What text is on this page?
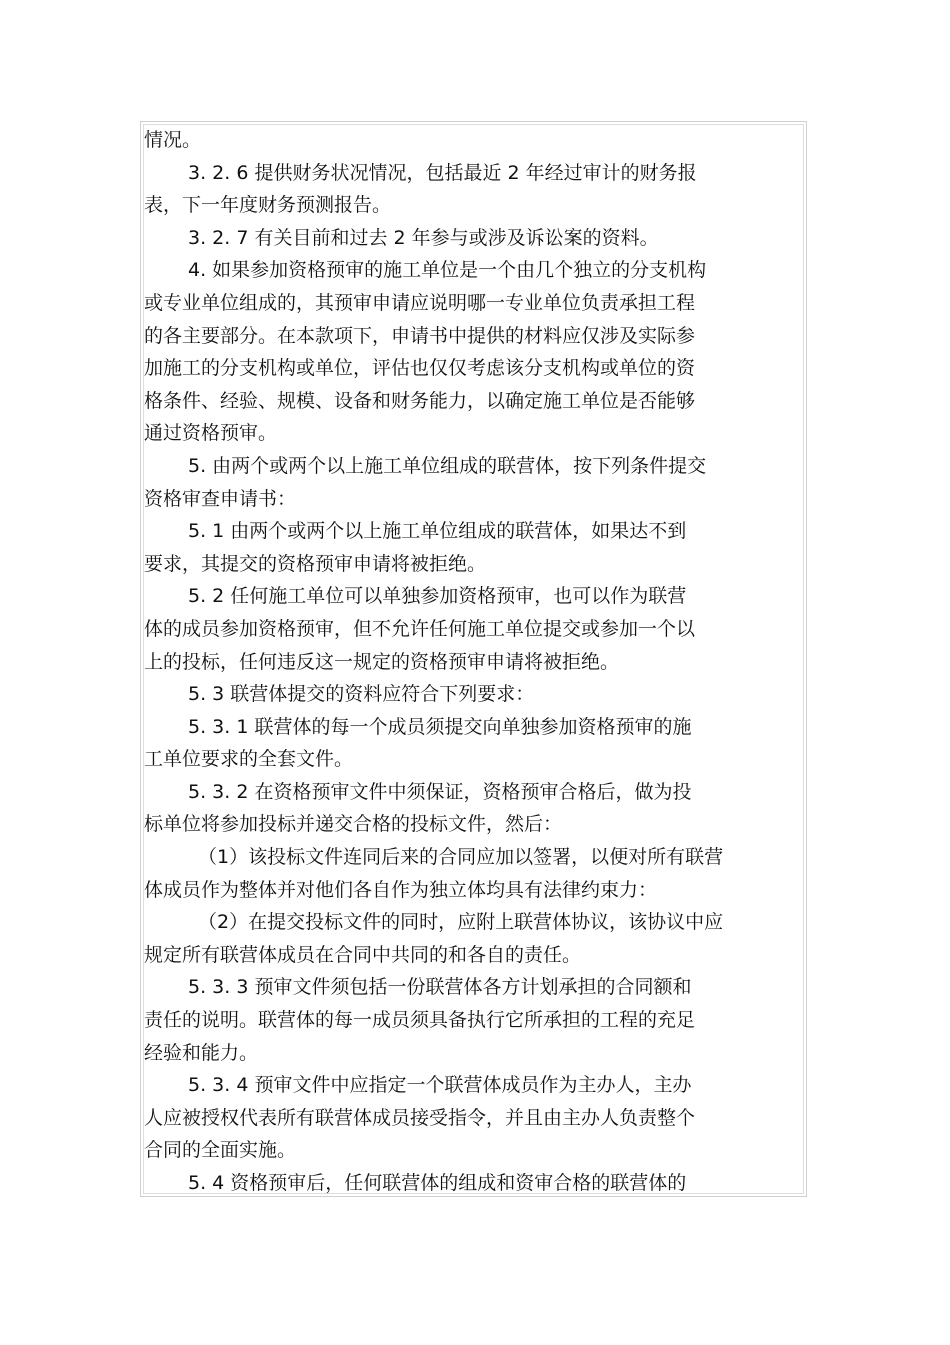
情况。
3. 2. 6 提供财务状况情况，包括最近 2 年经过审计的财务报
表，下一年度财务预测报告。
3. 2. 7 有关目前和过去 2 年参与或涉及诉讼案的资料。
4. 如果参加资格预审的施工单位是一个由几个独立的分支机构
或专业单位组成的，其预审申请应说明哪一专业单位负责承担工程
的各主要部分。在本款项下，申请书中提供的材料应仅涉及实际参
加施工的分支机构或单位，评估也仅仅考虑该分支机构或单位的资
格条件、经验、规模、设备和财务能力，以确定施工单位是否能够
通过资格预审。
5. 由两个或两个以上施工单位组成的联营体，按下列条件提交
资格审查申请书：
5. 1 由两个或两个以上施工单位组成的联营体，如果达不到
要求，其提交的资格预审申请将被拒绝。
5. 2 任何施工单位可以单独参加资格预审，也可以作为联营
体的成员参加资格预审，但不允许任何施工单位提交或参加一个以
上的投标，任何违反这一规定的资格预审申请将被拒绝。
5. 3 联营体提交的资料应符合下列要求：
5. 3. 1 联营体的每一个成员须提交向单独参加资格预审的施
工单位要求的全套文件。
5. 3. 2 在资格预审文件中须保证，资格预审合格后，做为投
标单位将参加投标并递交合格的投标文件，然后：
（1）该投标文件连同后来的合同应加以签署，以便对所有联营
体成员作为整体并对他们各自作为独立体均具有法律约束力：
（2）在提交投标文件的同时，应附上联营体协议，该协议中应
规定所有联营体成员在合同中共同的和各自的责任。
5. 3. 3 预审文件须包括一份联营体各方计划承担的合同额和
责任的说明。联营体的每一成员须具备执行它所承担的工程的充足
经验和能力。
5. 3. 4 预审文件中应指定一个联营体成员作为主办人，主办
人应被授权代表所有联营体成员接受指令，并且由主办人负责整个
合同的全面实施。
5. 4 资格预审后，任何联营体的组成和资审合格的联营体的
